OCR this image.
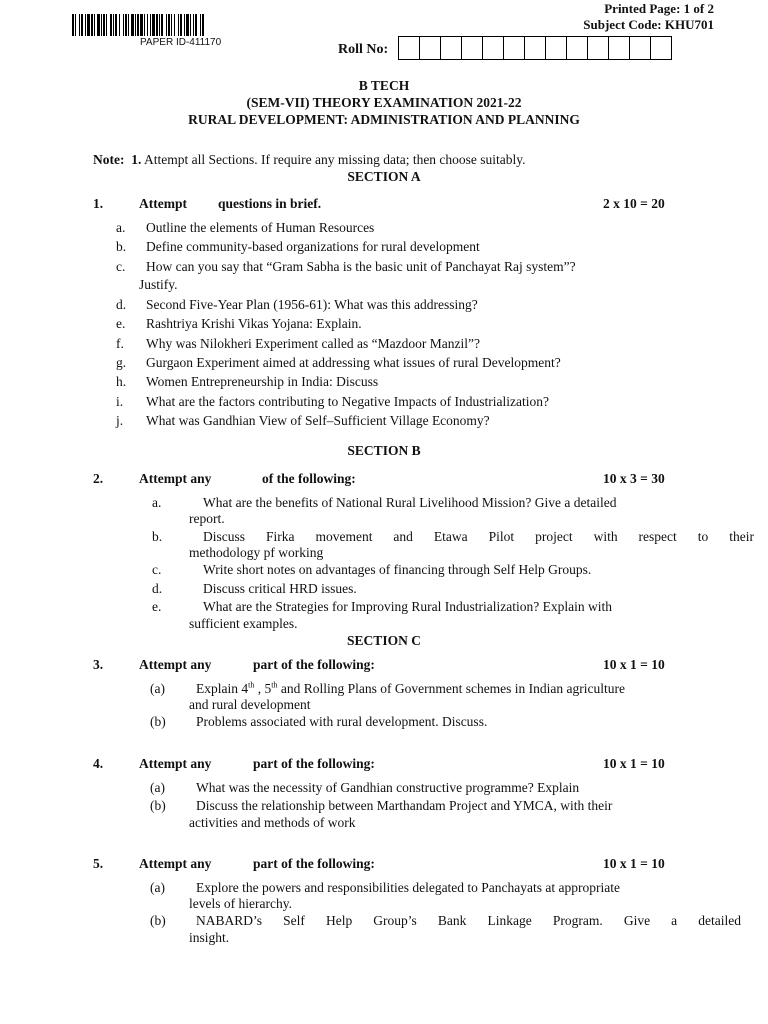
PAPER ID-411170
Printed Page: 1 of 2
Subject Code: KHU701
Roll No:
B TECH
(SEM-VII) THEORY EXAMINATION 2021-22
RURAL DEVELOPMENT: ADMINISTRATION AND PLANNING
Note: 1. Attempt all Sections. If require any missing data; then choose suitably.
SECTION A
1.	Attempt questions in brief.	2 x 10 = 20
a. Outline the elements of Human Resources
b. Define community-based organizations for rural development
c. How can you say that “Gram Sabha is the basic unit of Panchayat Raj system”?
Justify.
d. Second Five-Year Plan (1956-61): What was this addressing?
e. Rashtriya Krishi Vikas Yojana: Explain.
f. Why was Nilokheri Experiment called as “Mazdoor Manzil”?
g. Gurgaon Experiment aimed at addressing what issues of rural Development?
h. Women Entrepreneurship in India: Discuss
i. What are the factors contributing to Negative Impacts of Industrialization?
j. What was Gandhian View of Self–Sufficient Village Economy?
SECTION B
2.	Attempt any	of the following:	10 x 3 = 30
a.	What are the benefits of National Rural Livelihood Mission? Give a detailed
report.
b.	Discuss Firka movement and Etawa Pilot project with respect to their
methodology pf working
c.	Write short notes on advantages of financing through Self Help Groups.
d.	Discuss critical HRD issues.
e.	What are the Strategies for Improving Rural Industrialization? Explain with
sufficient examples.
SECTION C
3.	Attempt any	part of the following:	10 x 1 = 10
(a) Explain 4th , 5th and Rolling Plans of Government schemes in Indian agriculture
and rural development
(b) Problems associated with rural development. Discuss.
4.	Attempt any	part of the following:	10 x 1 = 10
(a) What was the necessity of Gandhian constructive programme? Explain
(b) Discuss the relationship between Marthandam Project and YMCA, with their
activities and methods of work
5.	Attempt any	part of the following:	10 x 1 = 10
(a) Explore the powers and responsibilities delegated to Panchayats at appropriate
levels of hierarchy.
(b) NABARD’s Self Help Group’s Bank Linkage Program. Give a detailed
insight.
